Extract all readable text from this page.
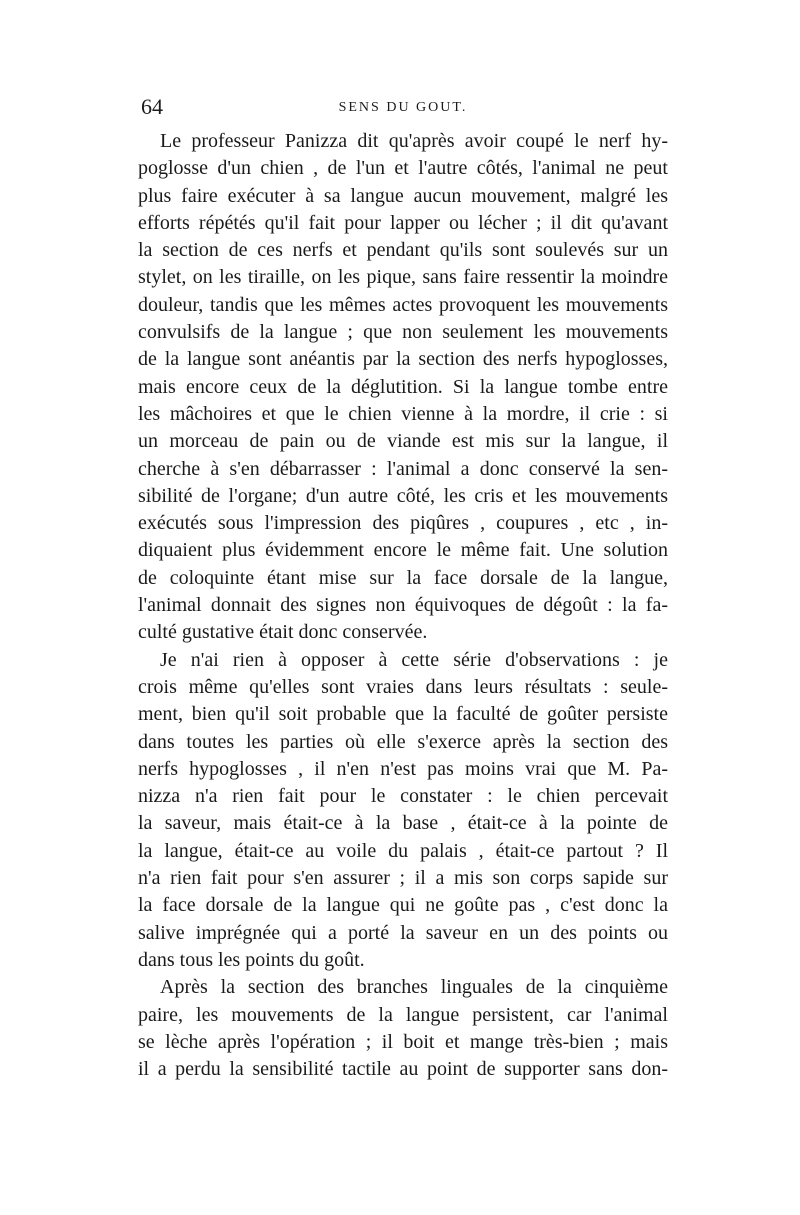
64	SENS DU GOUT.
Le professeur Panizza dit qu'après avoir coupé le nerf hy-
poglosse d'un chien , de l'un et l'autre côtés, l'animal ne peut
plus faire exécuter à sa langue aucun mouvement, malgré les
efforts répétés qu'il fait pour lapper ou lécher ; il dit qu'avant
la section de ces nerfs et pendant qu'ils sont soulevés sur un
stylet, on les tiraille, on les pique, sans faire ressentir la moindre
douleur, tandis que les mêmes actes provoquent les mouvements
convulsifs de la langue ; que non seulement les mouvements
de la langue sont anéantis par la section des nerfs hypoglosses,
mais encore ceux de la déglutition. Si la langue tombe entre
les mâchoires et que le chien vienne à la mordre, il crie : si
un morceau de pain ou de viande est mis sur la langue, il
cherche à s'en débarrasser : l'animal a donc conservé la sen-
sibilité de l'organe; d'un autre côté, les cris et les mouvements
exécutés sous l'impression des piqûres , coupures , etc , in-
diquaient plus évidemment encore le même fait. Une solution
de coloquinte étant mise sur la face dorsale de la langue,
l'animal donnait des signes non équivoques de dégoût : la fa-
culté gustative était donc conservée.
Je n'ai rien à opposer à cette série d'observations : je
crois même qu'elles sont vraies dans leurs résultats : seule-
ment, bien qu'il soit probable que la faculté de goûter persiste
dans toutes les parties où elle s'exerce après la section des
nerfs hypoglosses , il n'en n'est pas moins vrai que M. Pa-
nizza n'a rien fait pour le constater : le chien percevait
la saveur, mais était-ce à la base , était-ce à la pointe de
la langue, était-ce au voile du palais , était-ce partout ? Il
n'a rien fait pour s'en assurer ; il a mis son corps sapide sur
la face dorsale de la langue qui ne goûte pas , c'est donc la
salive imprégnée qui a porté la saveur en un des points ou
dans tous les points du goût.
Après la section des branches linguales de la cinquième
paire, les mouvements de la langue persistent, car l'animal
se lèche après l'opération ; il boit et mange très-bien ; mais
il a perdu la sensibilité tactile au point de supporter sans don-
